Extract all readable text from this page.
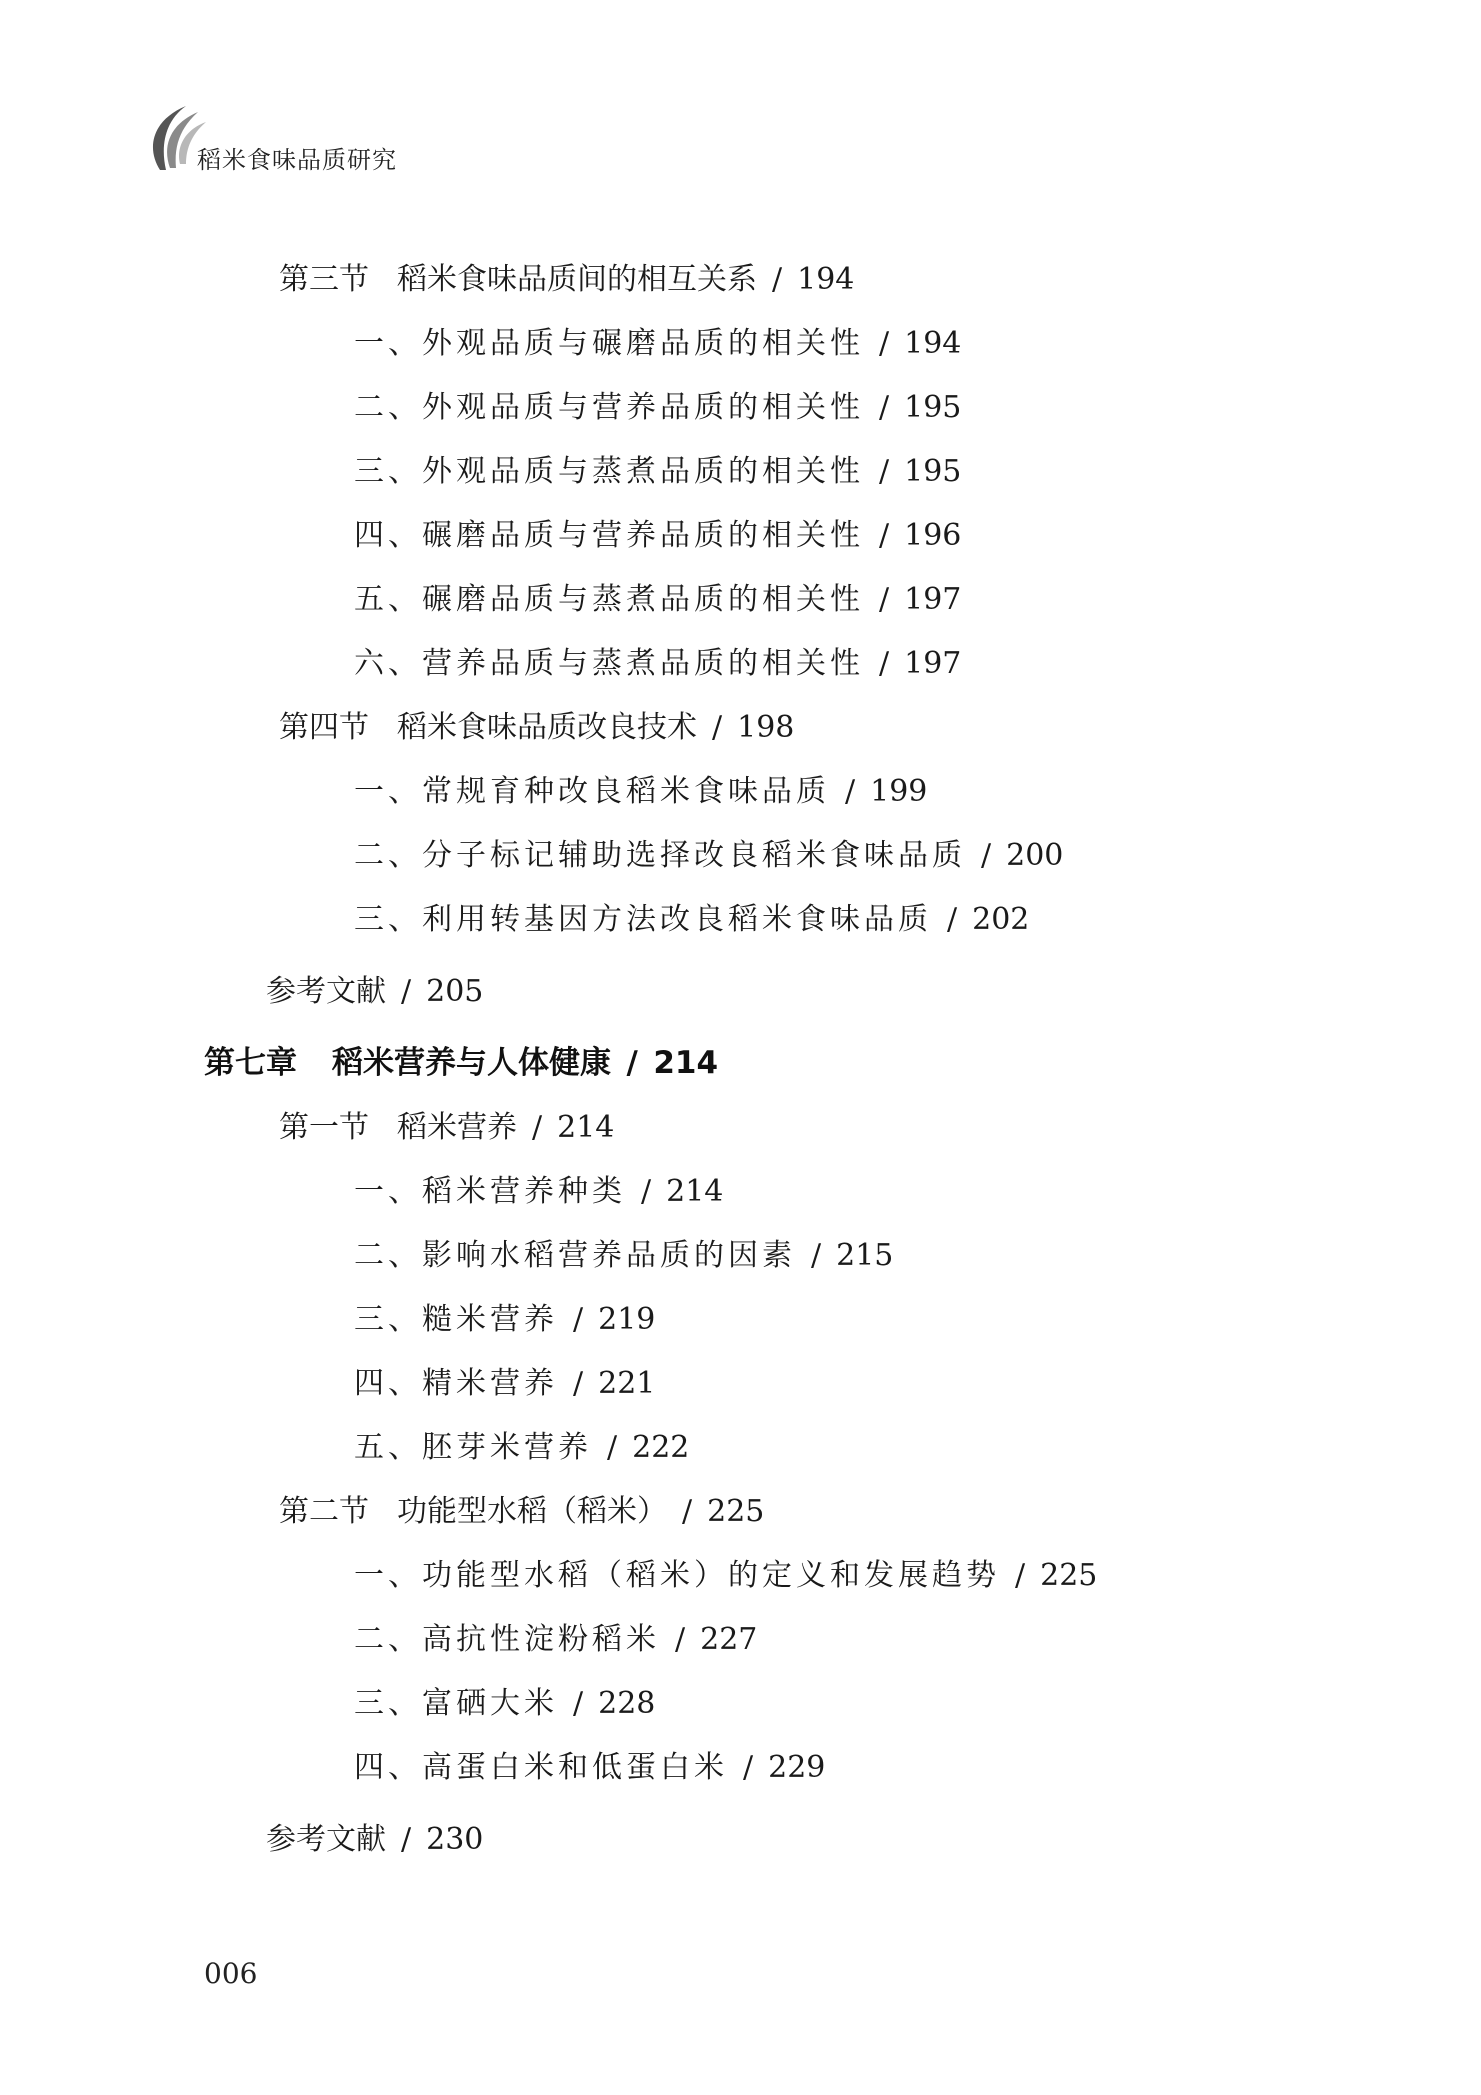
稻米食味品质研究
第三节 稻米食味品质间的相互关系 / 194
一、外观品质与碾磨品质的相关性 / 194
二、外观品质与营养品质的相关性 / 195
三、外观品质与蒸煮品质的相关性 / 195
四、碾磨品质与营养品质的相关性 / 196
五、碾磨品质与蒸煮品质的相关性 / 197
六、营养品质与蒸煮品质的相关性 / 197
第四节 稻米食味品质改良技术 / 198
一、常规育种改良稻米食味品质 / 199
二、分子标记辅助选择改良稻米食味品质 / 200
三、利用转基因方法改良稻米食味品质 / 202
参考文献 / 205
第七章 稻米营养与人体健康 / 214
第一节 稻米营养 / 214
一、稻米营养种类 / 214
二、影响水稻营养品质的因素 / 215
三、糙米营养 / 219
四、精米营养 / 221
五、胚芽米营养 / 222
第二节 功能型水稻（稻米） / 225
一、功能型水稻（稻米）的定义和发展趋势 / 225
二、高抗性淀粉稻米 / 227
三、富硒大米 / 228
四、高蛋白米和低蛋白米 / 229
参考文献 / 230
006
